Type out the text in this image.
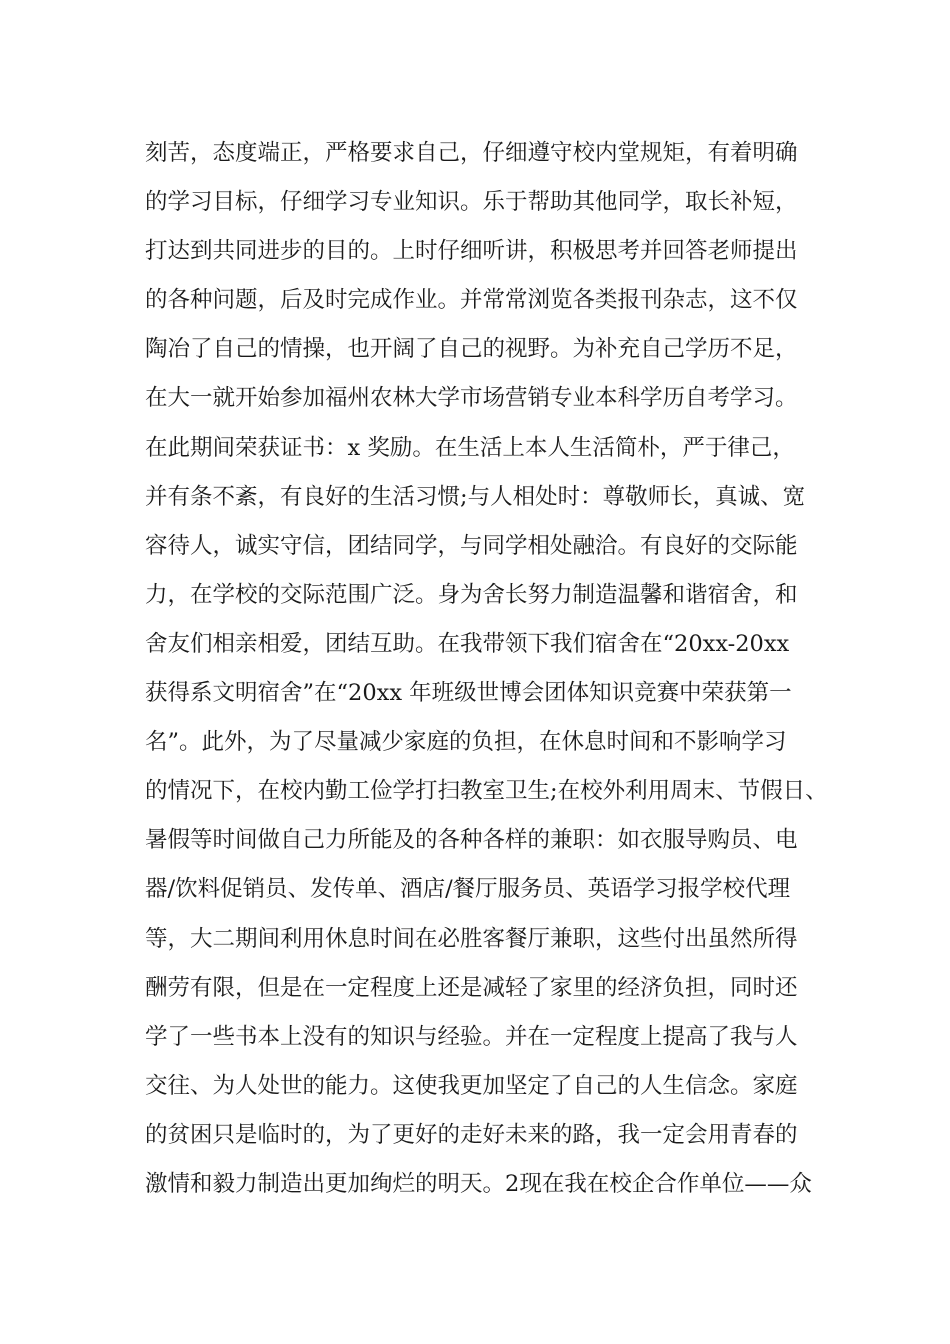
刻苦，态度端正，严格要求自己，仔细遵守校内堂规矩，有着明确
的学习目标，仔细学习专业知识。乐于帮助其他同学，取长补短，
打达到共同进步的目的。上时仔细听讲，积极思考并回答老师提出
的各种问题，后及时完成作业。并常常浏览各类报刊杂志，这不仅
陶冶了自己的情操，也开阔了自己的视野。为补充自己学历不足，
在大一就开始参加福州农林大学市场营销专业本科学历自考学习。
在此期间荣获证书：x 奖励。在生活上本人生活简朴，严于律己，
并有条不紊，有良好的生活习惯;与人相处时：尊敬师长，真诚、宽
容待人，诚实守信，团结同学，与同学相处融洽。有良好的交际能
力，在学校的交际范围广泛。身为舍长努力制造温馨和谐宿舍，和
舍友们相亲相爱，团结互助。在我带领下我们宿舍在“20xx-20xx
获得系文明宿舍”在“20xx 年班级世博会团体知识竞赛中荣获第一
名”。此外，为了尽量减少家庭的负担，在休息时间和不影响学习
的情况下，在校内勤工俭学打扫教室卫生;在校外利用周末、节假日、
暑假等时间做自己力所能及的各种各样的兼职：如衣服导购员、电
器/饮料促销员、发传单、酒店/餐厅服务员、英语学习报学校代理
等，大二期间利用休息时间在必胜客餐厅兼职，这些付出虽然所得
酬劳有限，但是在一定程度上还是减轻了家里的经济负担，同时还
学了一些书本上没有的知识与经验。并在一定程度上提高了我与人
交往、为人处世的能力。这使我更加坚定了自己的人生信念。家庭
的贫困只是临时的，为了更好的走好未来的路，我一定会用青春的
激情和毅力制造出更加绚烂的明天。2现在我在校企合作单位——众
